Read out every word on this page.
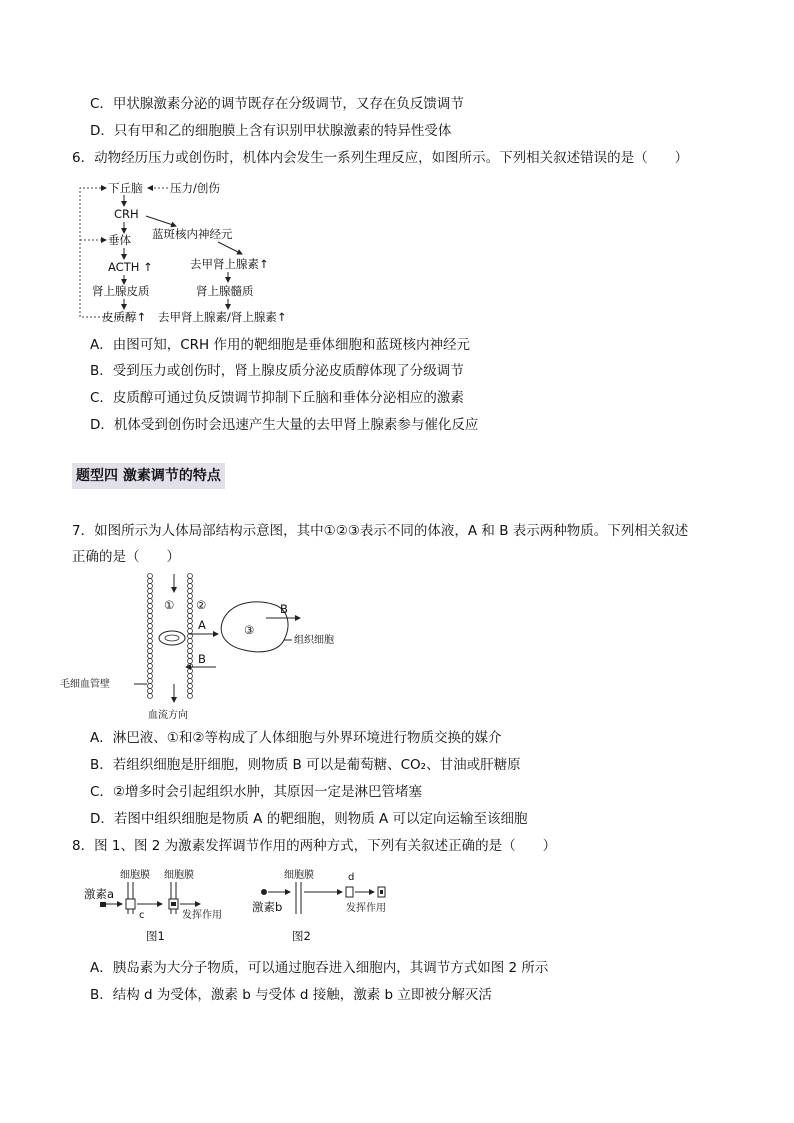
C．甲状腺激素分泌的调节既存在分级调节，又存在负反馈调节
D．只有甲和乙的细胞膜上含有识别甲状腺激素的特异性受体
6．动物经历压力或创伤时，机体内会发生一系列生理反应，如图所示。下列相关叙述错误的是（　　）
下丘脑 压力/创伤
CRH
蓝斑核内神经元
垂体
去甲肾上腺素↑
ACTH ↑
肾上腺皮质	肾上腺髓质
皮质醇↑ 去甲肾上腺素/肾上腺素↑
A．由图可知，CRH 作用的靶细胞是垂体细胞和蓝斑核内神经元
B．受到压力或创伤时，肾上腺皮质分泌皮质醇体现了分级调节
C．皮质醇可通过负反馈调节抑制下丘脑和垂体分泌相应的激素
D．机体受到创伤时会迅速产生大量的去甲肾上腺素参与催化反应
题型四 激素调节的特点
7．如图所示为人体局部结构示意图，其中①②③表示不同的体液，A 和 B 表示两种物质。下列相关叙述
正确的是（　　）
① ②
A
B
③
B
组织细胞
毛细血管壁
血流方向
A．淋巴液、①和②等构成了人体细胞与外界环境进行物质交换的媒介
B．若组织细胞是肝细胞，则物质 B 可以是葡萄糖、CO₂、甘油或肝糖原
C．②增多时会引起组织水肿，其原因一定是淋巴管堵塞
D．若图中组织细胞是物质 A 的靶细胞，则物质 A 可以定向运输至该细胞
8．图 1、图 2 为激素发挥调节作用的两种方式，下列有关叙述正确的是（　　）
细胞膜 细胞膜
激素a
c	发挥作用
图1
细胞膜
激素b
d
发挥作用
图2
A．胰岛素为大分子物质，可以通过胞吞进入细胞内，其调节方式如图 2 所示
B．结构 d 为受体，激素 b 与受体 d 接触，激素 b 立即被分解灭活
